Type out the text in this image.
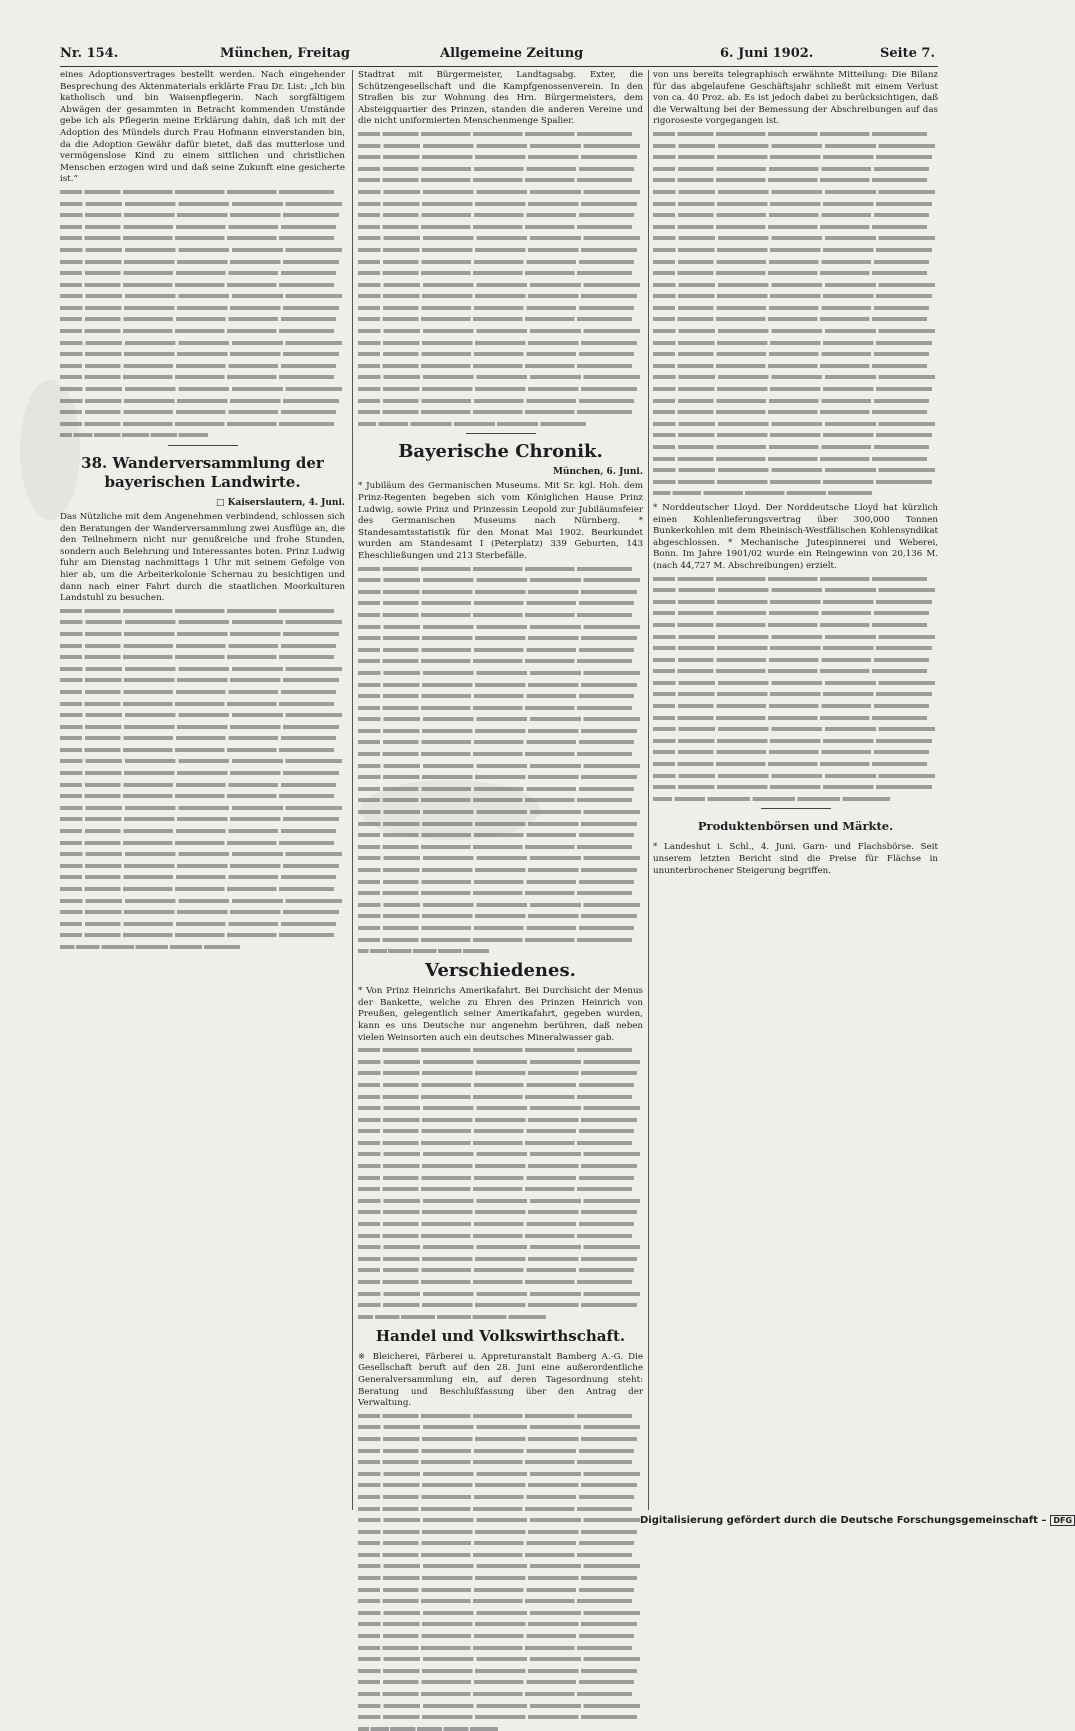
Nr. 154.	München, Freitag	Allgemeine Zeitung	6. Juni 1902.	Seite 7.

eines Adoptionsvertrages bestellt werden. Nach eingehender Besprechung des Aktenmaterials erklärte Frau Dr. List: „Ich bin katholisch und bin Waisenpflegerin. Nach sorgfältigem Abwägen der gesammten in Betracht kommenden Umstände gebe ich als Pflegerin meine Erklärung dahin, daß ich mit der Adoption des Mündels durch Frau Hofmann einverstanden bin, da die Adoption Gewähr dafür bietet, daß das mutterlose und vermögenslose Kind zu einem sittlichen und christlichen Menschen erzogen wird und daß seine Zukunft eine gesicherte ist.“

38. Wanderversammlung der bayerischen Landwirte.
□ Kaiserslautern, 4. Juni.

Das Nützliche mit dem Angenehmen verbindend, schlossen sich den Beratungen der Wanderversammlung zwei Ausflüge an, die den Teilnehmern nicht nur genußreiche und frohe Stunden, sondern auch Belehrung und Interessantes boten. Prinz Ludwig fuhr am Dienstag nachmittags 1 Uhr mit seinem Gefolge von hier ab, um die Arbeiterkolonie Schernau zu besichtigen und dann nach einer Fahrt durch die staatlichen Moorkulturen Landstuhl zu besuchen.

Stadtrat mit Bürgermeister, Landtagsabg. Exter, die Schützengesellschaft und die Kampfgenossenverein. In den Straßen bis zur Wohnung des Hrn. Bürgermeisters, dem Absteigquartier des Prinzen, standen die anderen Vereine und die nicht uniformierten Menschenmenge Spalier.

Bayerische Chronik.
München, 6. Juni.

* Jubiläum des Germanischen Museums. Mit Sr. kgl. Hoh. dem Prinz-Regenten begeben sich vom Königlichen Hause Prinz Ludwig, sowie Prinz und Prinzessin Leopold zur Jubiläumsfeier des Germanischen Museums nach Nürnberg. * Standesamtsstatistik für den Monat Mai 1902. Beurkundet wurden am Standesamt I (Peterplatz) 339 Geburten, 143 Eheschließungen und 213 Sterbefälle.

Verschiedenes.

* Von Prinz Heinrichs Amerikafahrt. Bei Durchsicht der Menus der Bankette, welche zu Ehren des Prinzen Heinrich von Preußen, gelegentlich seiner Amerikafahrt, gegeben wurden, kann es uns Deutsche nur angenehm berühren, daß neben vielen Weinsorten auch ein deutsches Mineralwasser gab.

Handel und Volkswirthschaft.

※ Bleicherei, Färberei u. Appreturanstalt Bamberg A.-G. Die Gesellschaft beruft auf den 28. Juni eine außerordentliche Generalversammlung ein, auf deren Tagesordnung steht: Beratung und Beschlußfassung über den Antrag der Verwaltung.

von uns bereits telegraphisch erwähnte Mitteilung: Die Bilanz für das abgelaufene Geschäftsjahr schließt mit einem Verlust von ca. 40 Proz. ab. Es ist jedoch dabei zu berücksichtigen, daß die Verwaltung bei der Bemessung der Abschreibungen auf das rigoroseste vorgegangen ist.

* Norddeutscher Lloyd. Der Norddeutsche Lloyd hat kürzlich einen Kohlenlieferungsvertrag über 300,000 Tonnen Bunkerkohlen mit dem Rheinisch-Westfälischen Kohlensyndikat abgeschlossen. * Mechanische Jutespinnerei und Weberei, Bonn. Im Jahre 1901/02 wurde ein Reingewinn von 20,136 M. (nach 44,727 M. Abschreibungen) erzielt.

Produktenbörsen und Märkte.

* Landeshut i. Schl., 4. Juni. Garn- und Flachsbörse. Seit unserem letzten Bericht sind die Preise für Flächse in ununterbrochener Steigerung begriffen.

Digitalisierung gefördert durch die Deutsche Forschungsgemeinschaft – DFG
